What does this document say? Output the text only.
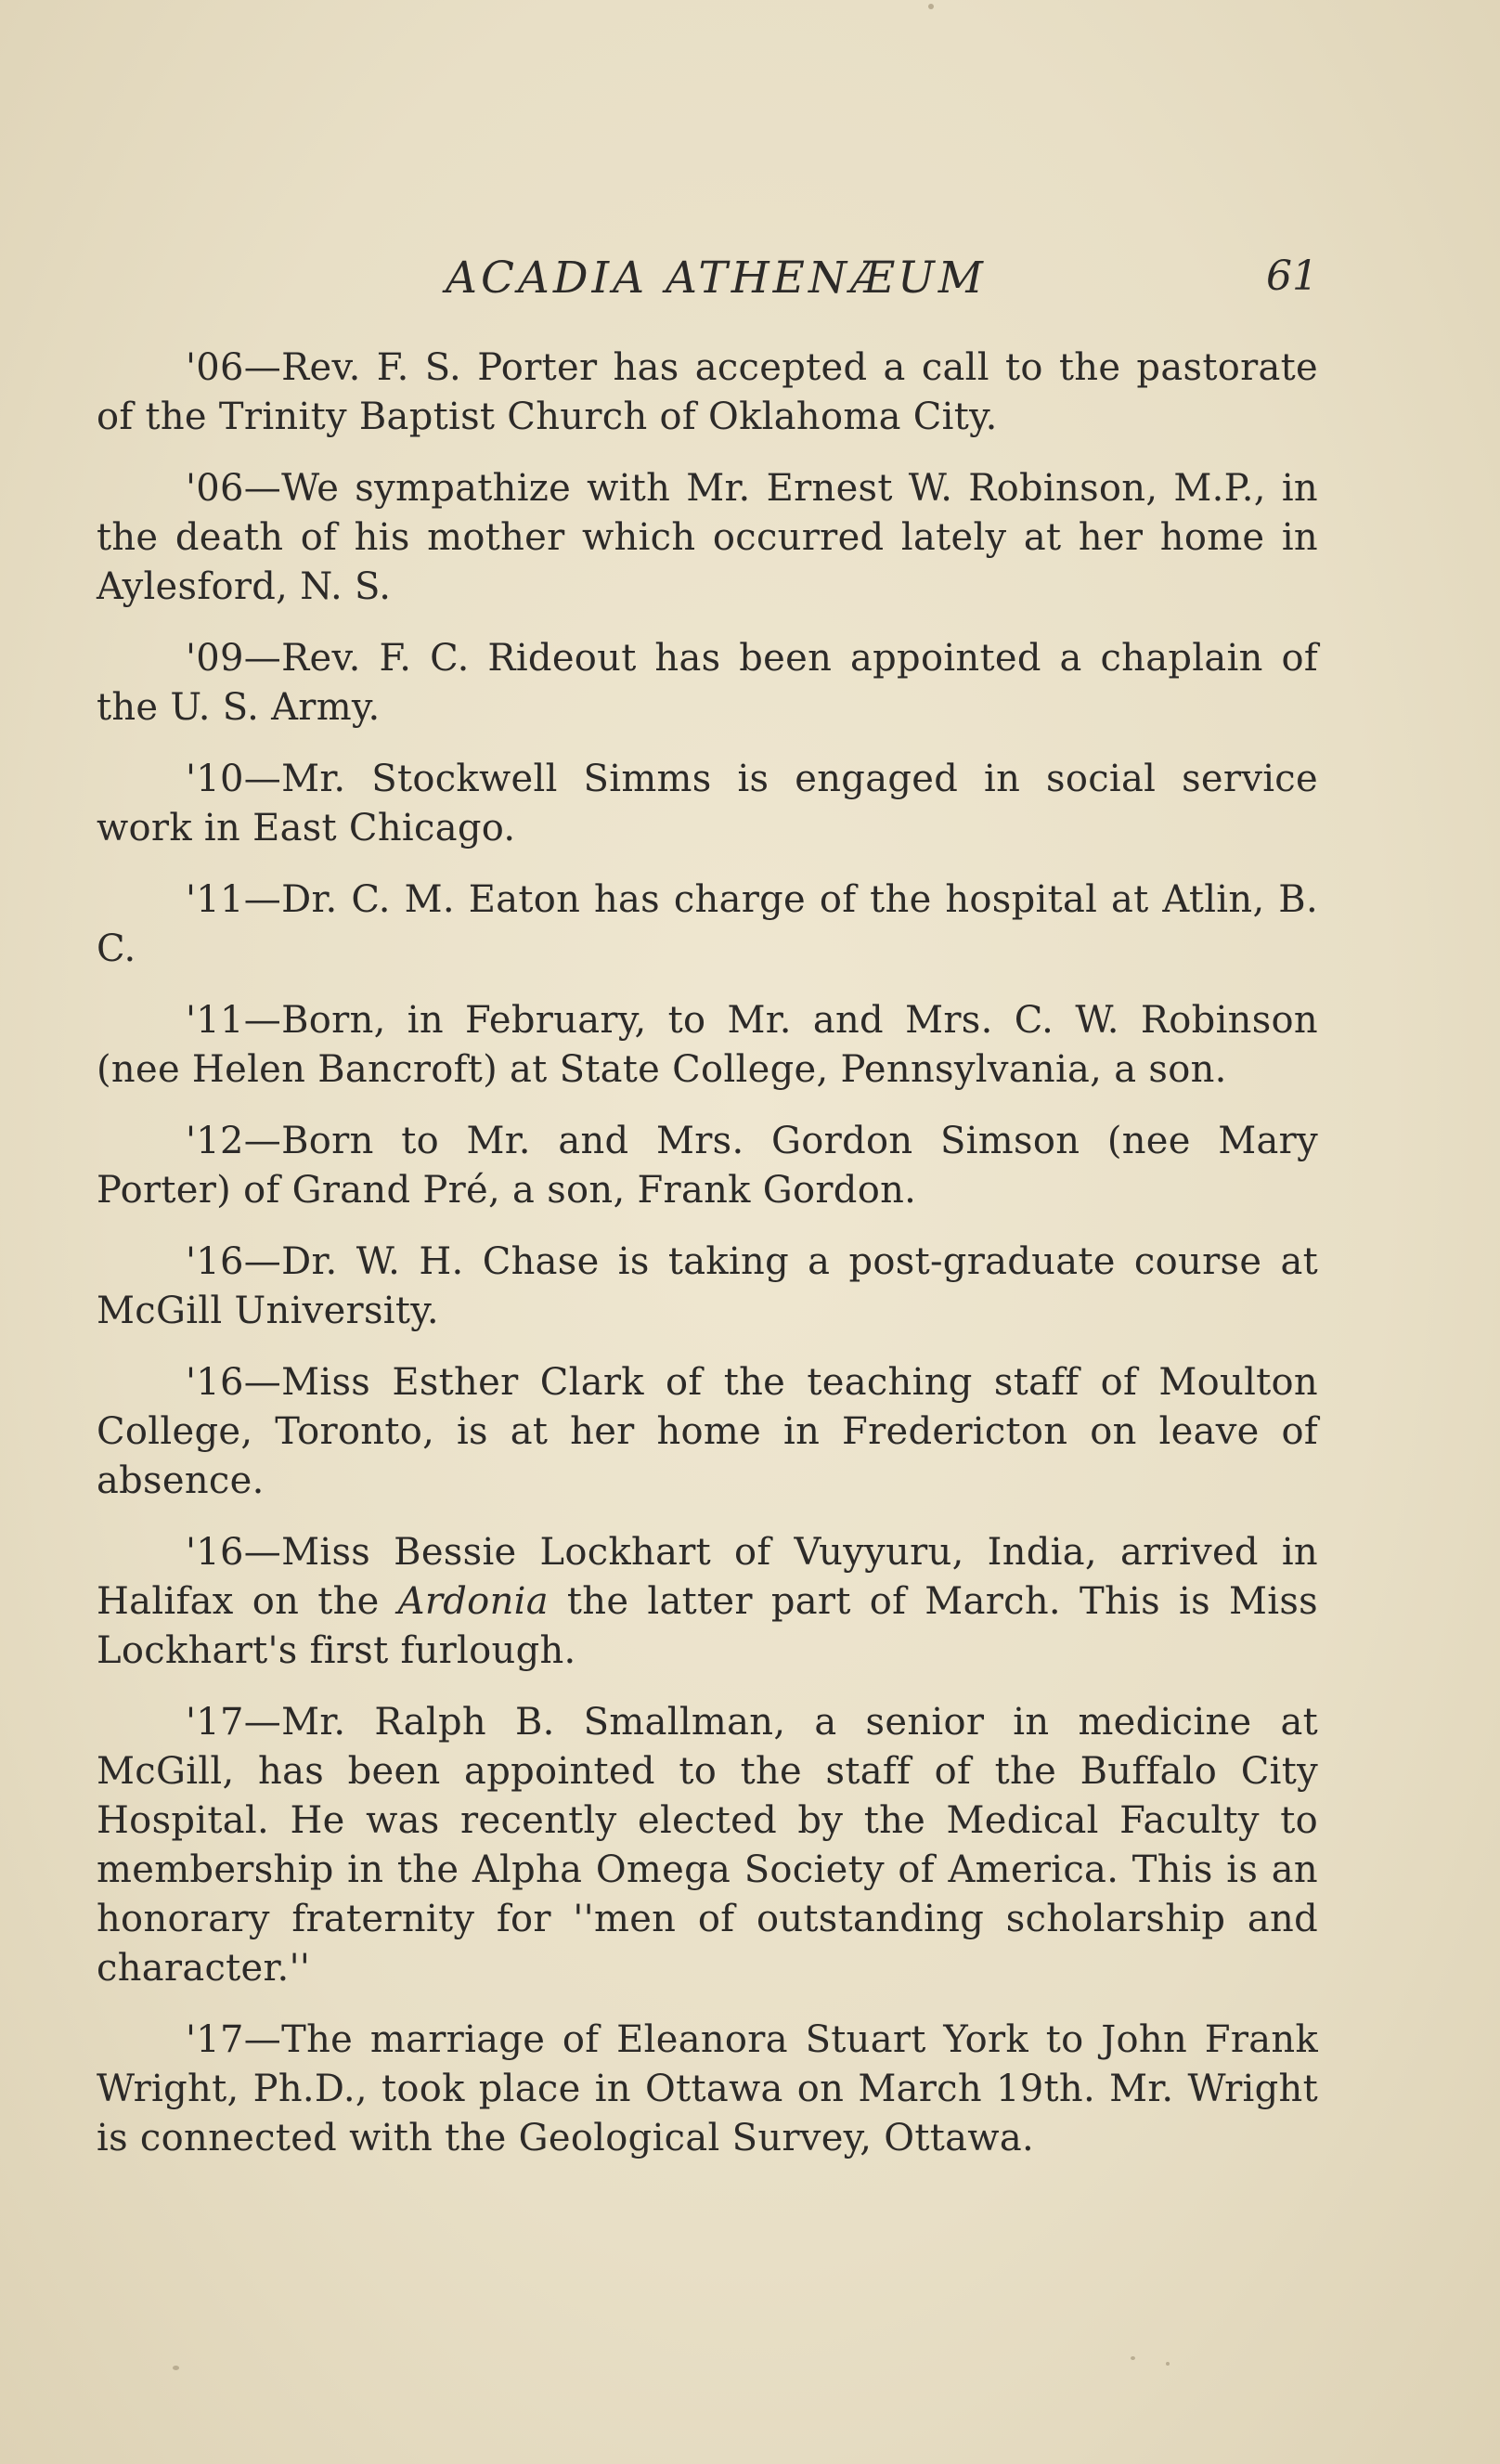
ACADIA ATHENÆUM	61

'06—Rev. F. S. Porter has accepted a call to the pastorate of the Trinity Baptist Church of Oklahoma City.

'06—We sympathize with Mr. Ernest W. Robinson, M.P., in the death of his mother which occurred lately at her home in Aylesford, N. S.

'09—Rev. F. C. Rideout has been appointed a chaplain of the U. S. Army.

'10—Mr. Stockwell Simms is engaged in social service work in East Chicago.

'11—Dr. C. M. Eaton has charge of the hospital at Atlin, B. C.

'11—Born, in February, to Mr. and Mrs. C. W. Robinson (nee Helen Bancroft) at State College, Pennsylvania, a son.

'12—Born to Mr. and Mrs. Gordon Simson (nee Mary Porter) of Grand Pré, a son, Frank Gordon.

'16—Dr. W. H. Chase is taking a post-graduate course at McGill University.

'16—Miss Esther Clark of the teaching staff of Moulton College, Toronto, is at her home in Fredericton on leave of absence.

'16—Miss Bessie Lockhart of Vuyyuru, India, arrived in Halifax on the Ardonia the latter part of March. This is Miss Lockhart's first furlough.

'17—Mr. Ralph B. Smallman, a senior in medicine at McGill, has been appointed to the staff of the Buffalo City Hospital. He was recently elected by the Medical Faculty to membership in the Alpha Omega Society of America. This is an honorary fraternity for ''men of outstanding scholarship and character.''

'17—The marriage of Eleanora Stuart York to John Frank Wright, Ph.D., took place in Ottawa on March 19th. Mr. Wright is connected with the Geological Survey, Ottawa.
